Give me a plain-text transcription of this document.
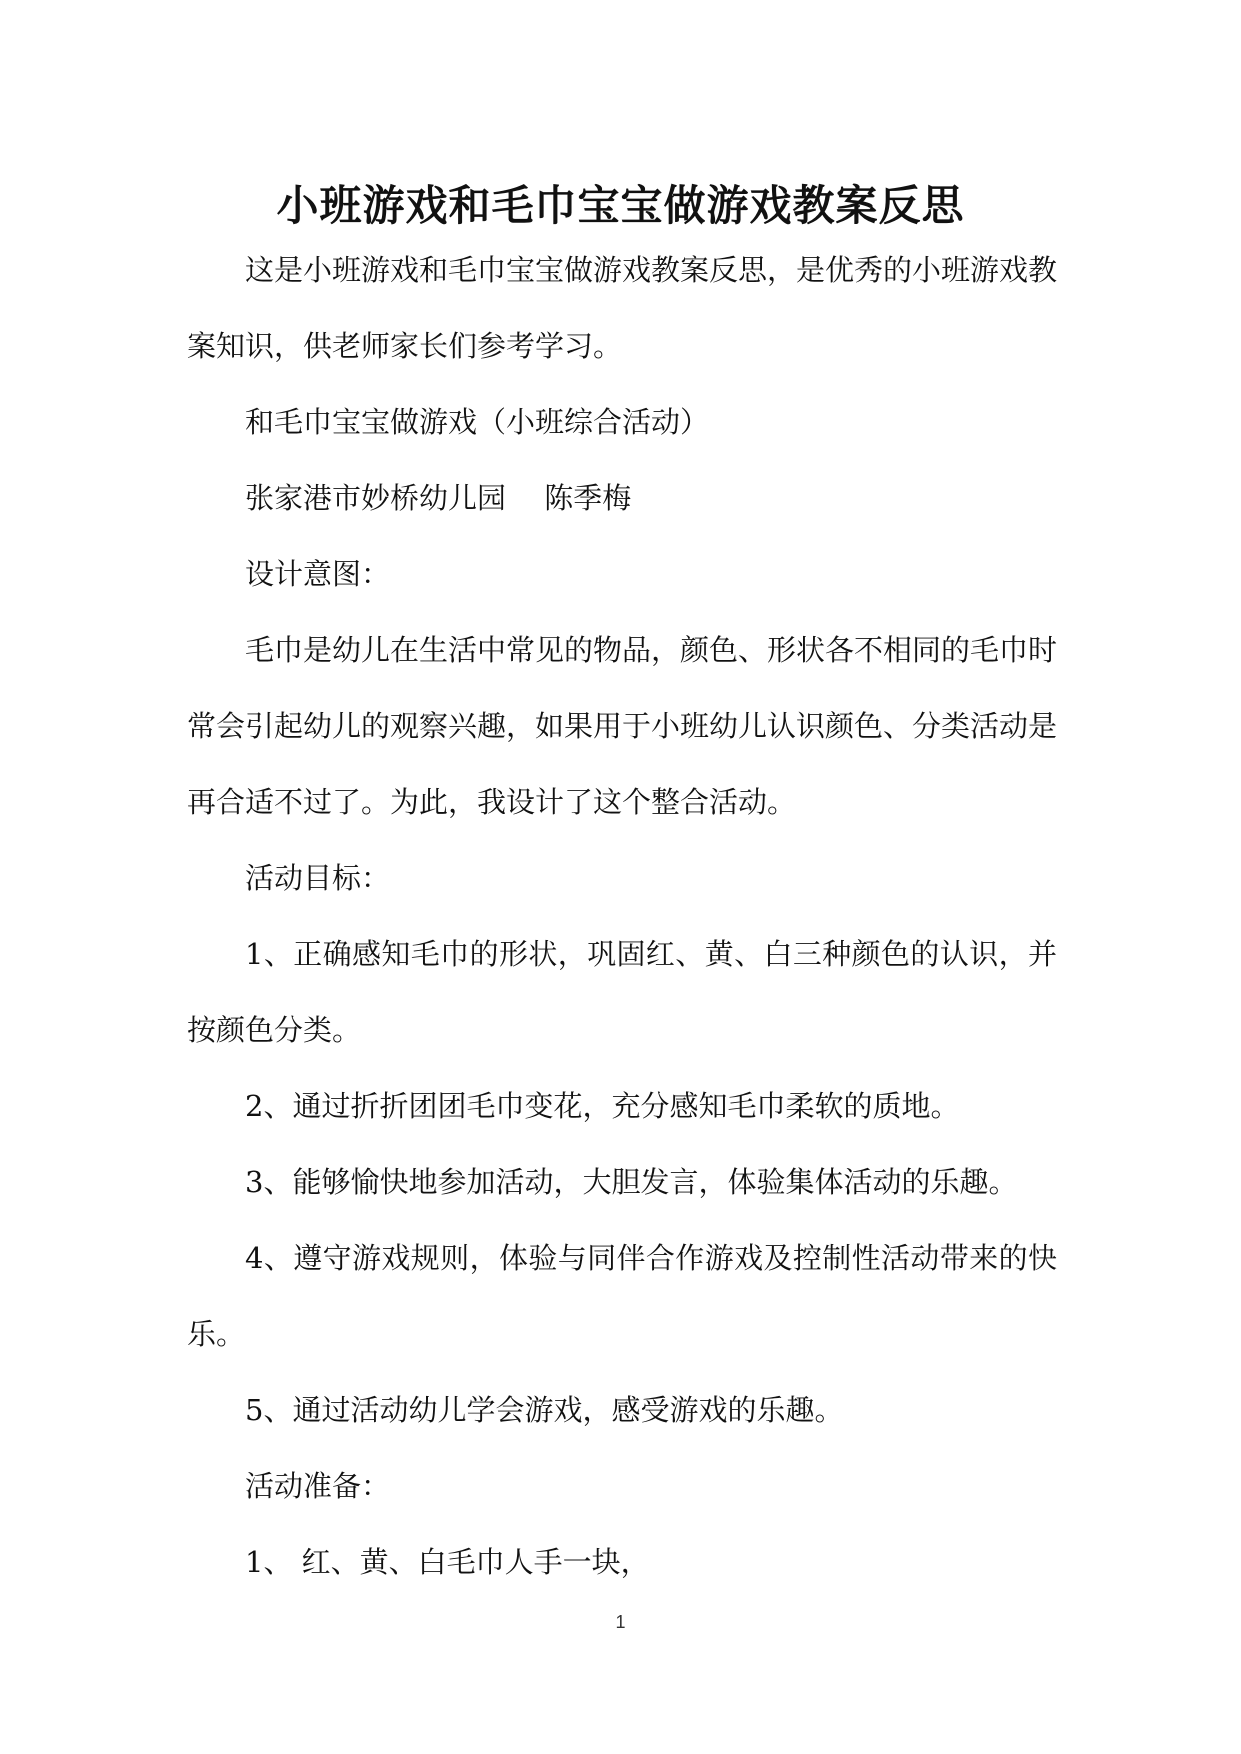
小班游戏和毛巾宝宝做游戏教案反思

这是小班游戏和毛巾宝宝做游戏教案反思，是优秀的小班游戏教案知识，供老师家长们参考学习。

和毛巾宝宝做游戏（小班综合活动）

张家港市妙桥幼儿园　 陈季梅

设计意图：

毛巾是幼儿在生活中常见的物品，颜色、形状各不相同的毛巾时常会引起幼儿的观察兴趣，如果用于小班幼儿认识颜色、分类活动是再合适不过了。为此，我设计了这个整合活动。

活动目标：

1、正确感知毛巾的形状，巩固红、黄、白三种颜色的认识，并按颜色分类。

2、通过折折团团毛巾变花，充分感知毛巾柔软的质地。

3、能够愉快地参加活动，大胆发言，体验集体活动的乐趣。

4、遵守游戏规则，体验与同伴合作游戏及控制性活动带来的快乐。

5、通过活动幼儿学会游戏，感受游戏的乐趣。

活动准备：

1、 红、黄、白毛巾人手一块，

1
